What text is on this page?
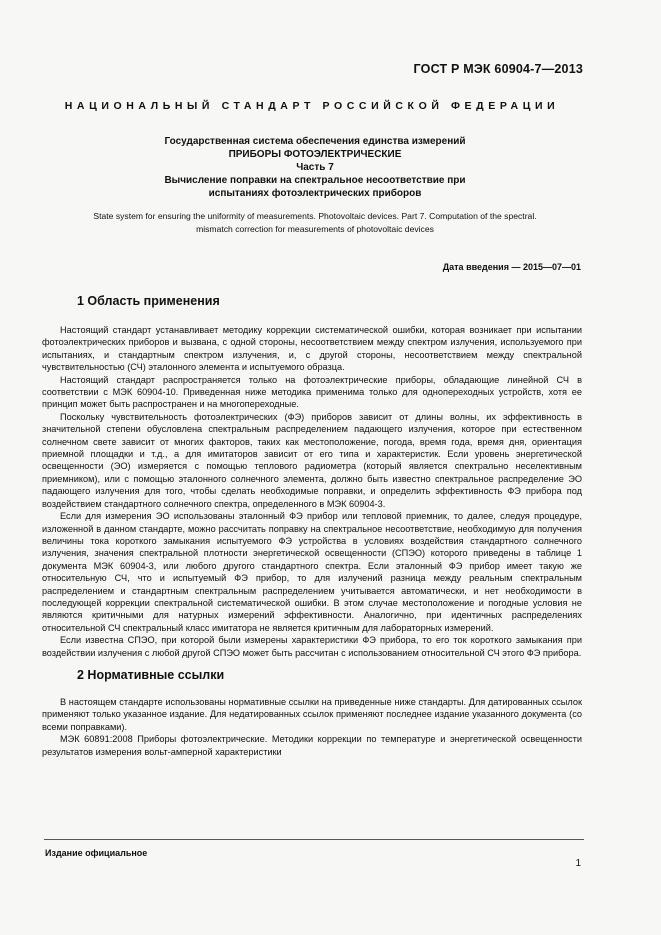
ГОСТ Р МЭК 60904-7—2013
НАЦИОНАЛЬНЫЙ СТАНДАРТ РОССИЙСКОЙ ФЕДЕРАЦИИ
Государственная система обеспечения единства измерений
ПРИБОРЫ ФОТОЭЛЕКТРИЧЕСКИЕ
Часть 7
Вычисление поправки на спектральное несоответствие при
испытаниях фотоэлектрических приборов
State system for ensuring the uniformity of measurements. Photovoltaic devices. Part 7. Computation of the spectral.
mismatch correction for measurements of photovoltaic devices
Дата введения — 2015—07—01
1 Область применения

Настоящий стандарт устанавливает методику коррекции систематической ошибки, которая возникает при испытании фотоэлектрических приборов и вызвана, с одной стороны, несоответствием между спектром излучения, используемого при испытаниях, и стандартным спектром излучения, и, с другой стороны, несоответствием между спектральной чувствительностью (СЧ) эталонного элемента и испытуемого образца.

Настоящий стандарт распространяется только на фотоэлектрические приборы, обладающие линейной СЧ в соответствии с МЭК 60904-10. Приведенная ниже методика применима только для однопереходных устройств, хотя ее принцип может быть распространен и на многопереходные.

Поскольку чувствительность фотоэлектрических (ФЭ) приборов зависит от длины волны, их эффективность в значительной степени обусловлена спектральным распределением падающего излучения, которое при естественном солнечном свете зависит от многих факторов, таких как местоположение, погода, время года, время дня, ориентация приемной площадки и т.д., а для имитаторов зависит от его типа и характеристик. Если уровень энергетической освещенности (ЭО) измеряется с помощью теплового радиометра (который является спектрально неселективным приемником), или с помощью эталонного солнечного элемента, должно быть известно спектральное распределение ЭО падающего излучения для того, чтобы сделать необходимые поправки, и определить эффективность ФЭ прибора под воздействием стандартного солнечного спектра, определенного в МЭК 60904-3.

Если для измерения ЭО использованы эталонный ФЭ прибор или тепловой приемник, то далее, следуя процедуре, изложенной в данном стандарте, можно рассчитать поправку на спектральное несоответствие, необходимую для получения величины тока короткого замыкания испытуемого ФЭ устройства в условиях воздействия стандартного солнечного излучения, значения спектральной плотности энергетической освещенности (СПЭО) которого приведены в таблице 1 документа МЭК 60904-3, или любого другого стандартного спектра. Если эталонный ФЭ прибор имеет такую же относительную СЧ, что и испытуемый ФЭ прибор, то для излучений разница между реальным спектральным распределением и стандартным спектральным распределением учитывается автоматически, и нет необходимости в последующей коррекции спектральной систематической ошибки. В этом случае местоположение и погодные условия не являются критичными для натурных измерений эффективности. Аналогично, при идентичных распределениях относительной СЧ спектральный класс имитатора не является критичным для лабораторных измерений.

Если известна СПЭО, при которой были измерены характеристики ФЭ прибора, то его ток короткого замыкания при воздействии излучения с любой другой СПЭО может быть рассчитан с использованием относительной СЧ этого ФЭ прибора.

2 Нормативные ссылки

В настоящем стандарте использованы нормативные ссылки на приведенные ниже стандарты. Для датированных ссылок применяют только указанное издание. Для недатированных ссылок применяют последнее издание указанного документа (со всеми поправками).

МЭК 60891:2008 Приборы фотоэлектрические. Методики коррекции по температуре и энергетической освещенности результатов измерения вольт-амперной характеристики

Издание официальное
1
